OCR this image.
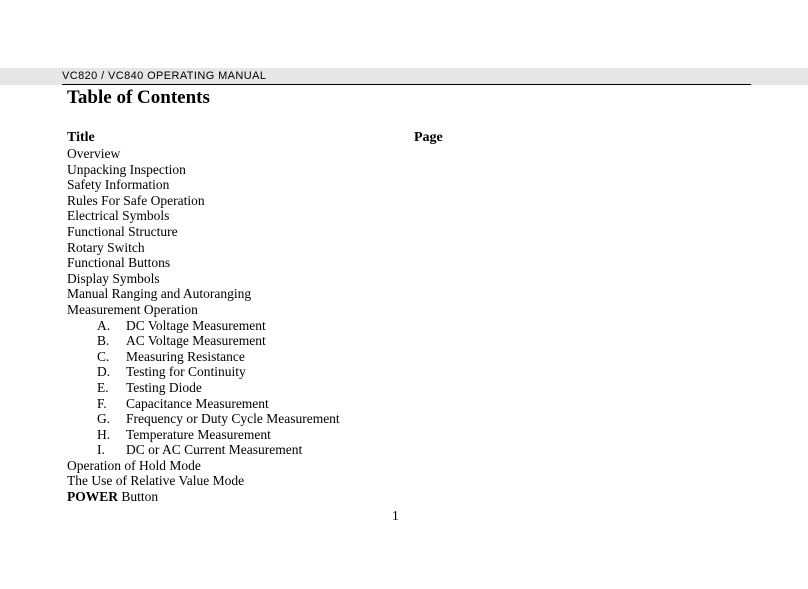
VC820 / VC840 OPERATING MANUAL
Table of Contents
Title	Page
Overview
Unpacking Inspection
Safety Information
Rules For Safe Operation
Electrical Symbols
Functional Structure
Rotary Switch
Functional Buttons
Display Symbols
Manual Ranging and Autoranging
Measurement Operation
A. DC Voltage Measurement
B. AC Voltage Measurement
C. Measuring Resistance
D. Testing for Continuity
E. Testing Diode
F. Capacitance Measurement
G. Frequency or Duty Cycle Measurement
H. Temperature Measurement
I. DC or AC Current Measurement
Operation of Hold Mode
The Use of Relative Value Mode
POWER Button
1
